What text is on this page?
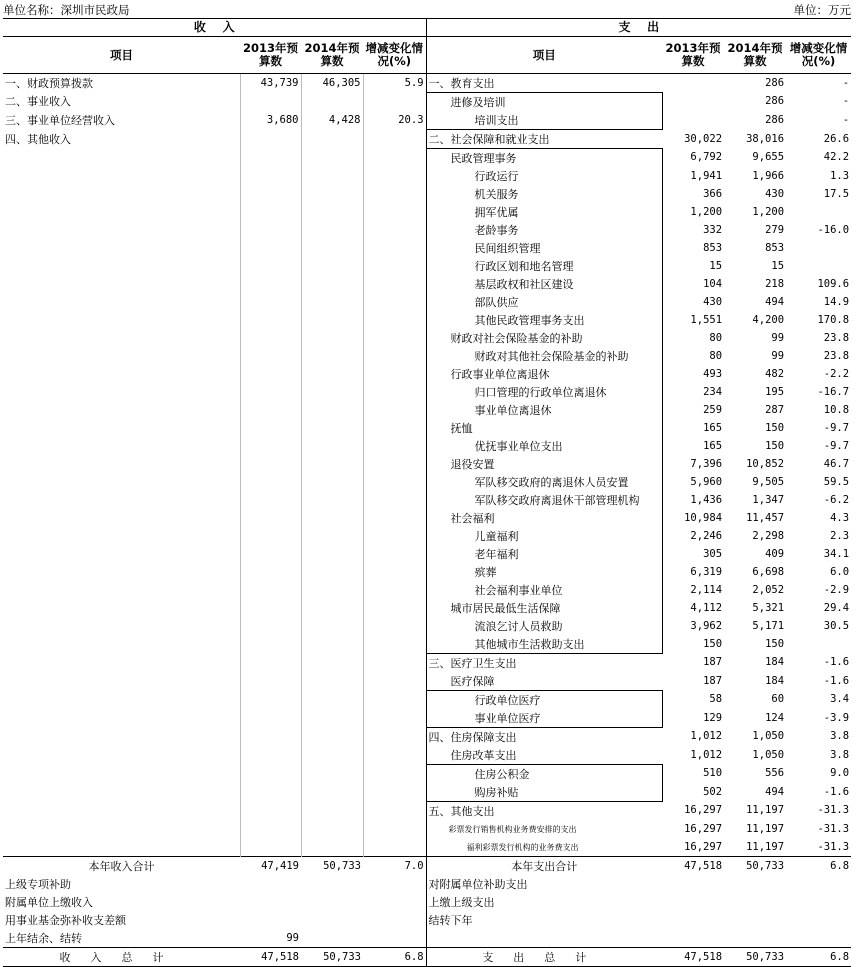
单位名称：深圳市民政局	单位：万元
收    入				支    出			
项目	2013年预算数	2014年预算数	增减变化情况(%)	项目	2013年预算数	2014年预算数	增减变化情况(%)
一、财政预算拨款	43,739	46,305	5.9	一、教育支出		286	-
二、事业收入				进修及培训		286	-
三、事业单位经营收入	3,680	4,428	20.3	培训支出		286	-
四、其他收入				二、社会保障和就业支出	30,022	38,016	26.6
				民政管理事务	6,792	9,655	42.2
				行政运行	1,941	1,966	1.3
				机关服务	366	430	17.5
				拥军优属	1,200	1,200	
				老龄事务	332	279	-16.0
				民间组织管理	853	853	
				行政区划和地名管理	15	15	
				基层政权和社区建设	104	218	109.6
				部队供应	430	494	14.9
				其他民政管理事务支出	1,551	4,200	170.8
				财政对社会保险基金的补助	80	99	23.8
				财政对其他社会保险基金的补助	80	99	23.8
				行政事业单位离退休	493	482	-2.2
				归口管理的行政单位离退休	234	195	-16.7
				事业单位离退休	259	287	10.8
				抚恤	165	150	-9.7
				优抚事业单位支出	165	150	-9.7
				退役安置	7,396	10,852	46.7
				军队移交政府的离退休人员安置	5,960	9,505	59.5
				军队移交政府离退休干部管理机构	1,436	1,347	-6.2
				社会福利	10,984	11,457	4.3
				儿童福利	2,246	2,298	2.3
				老年福利	305	409	34.1
				殡葬	6,319	6,698	6.0
				社会福利事业单位	2,114	2,052	-2.9
				城市居民最低生活保障	4,112	5,321	29.4
				流浪乞讨人员救助	3,962	5,171	30.5
				其他城市生活救助支出	150	150	
				三、医疗卫生支出	187	184	-1.6
				医疗保障	187	184	-1.6
				行政单位医疗	58	60	3.4
				事业单位医疗	129	124	-3.9
				四、住房保障支出	1,012	1,050	3.8
				住房改革支出	1,012	1,050	3.8
				住房公积金	510	556	9.0
				购房补贴	502	494	-1.6
				五、其他支出	16,297	11,197	-31.3
				彩票发行销售机构业务费安排的支出	16,297	11,197	-31.3
				福利彩票发行机构的业务费支出	16,297	11,197	-31.3
本年收入合计	47,419	50,733	7.0	本年支出合计	47,518	50,733	6.8
上级专项补助				对附属单位补助支出			
附属单位上缴收入				上缴上级支出			
用事业基金弥补收支差额				结转下年			
上年结余、结转	99						
收入总计	47,518	50,733	6.8	支出总计	47,518	50,733	6.8
